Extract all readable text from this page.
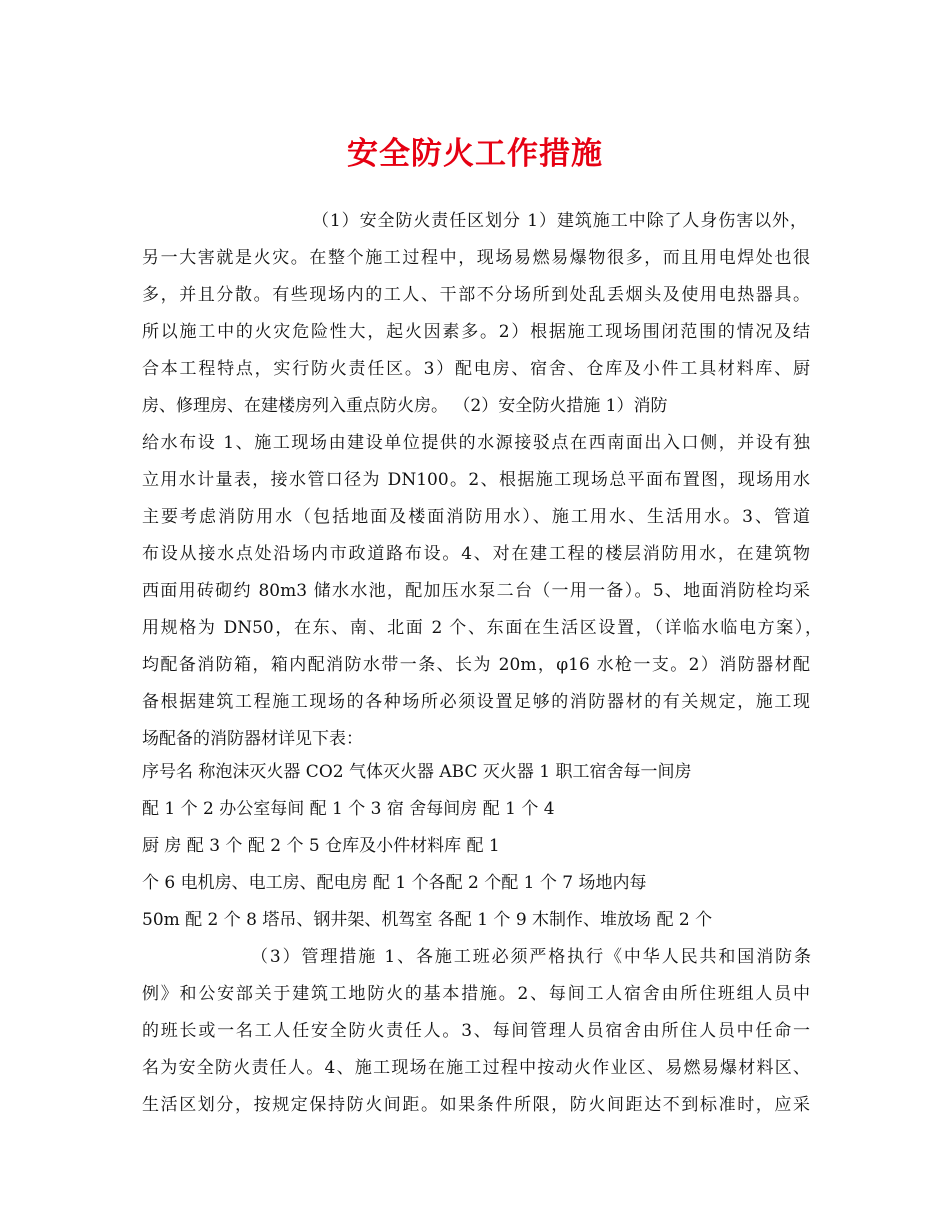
安全防火工作措施
（1）安全防火责任区划分 1）建筑施工中除了人身伤害以外，
另一大害就是火灾。在整个施工过程中，现场易燃易爆物很多，而且用电焊处也很
多，并且分散。有些现场内的工人、干部不分场所到处乱丢烟头及使用电热器具。
所以施工中的火灾危险性大，起火因素多。2）根据施工现场围闭范围的情况及结
合本工程特点，实行防火责任区。3）配电房、宿舍、仓库及小件工具材料库、厨
房、修理房、在建楼房列入重点防火房。 （2）安全防火措施 1）消防
给水布设 1、施工现场由建设单位提供的水源接驳点在西南面出入口侧，并设有独
立用水计量表，接水管口径为 DN100。2、根据施工现场总平面布置图，现场用水
主要考虑消防用水（包括地面及楼面消防用水）、施工用水、生活用水。3、管道
布设从接水点处沿场内市政道路布设。4、对在建工程的楼层消防用水，在建筑物
西面用砖砌约 80m3 储水水池，配加压水泵二台（一用一备）。5、地面消防栓均采
用规格为 DN50，在东、南、北面 2 个、东面在生活区设置，（详临水临电方案），
均配备消防箱，箱内配消防水带一条、长为 20m，φ16 水枪一支。2）消防器材配
备根据建筑工程施工现场的各种场所必须设置足够的消防器材的有关规定，施工现
场配备的消防器材详见下表：
序号名 称泡沫灭火器 CO2 气体灭火器 ABC 灭火器 1 职工宿舍每一间房
配 1 个 2 办公室每间 配 1 个 3 宿 舍每间房 配 1 个 4
厨 房 配 3 个 配 2 个 5 仓库及小件材料库 配 1
个 6 电机房、电工房、配电房 配 1 个各配 2 个配 1 个 7 场地内每
50m 配 2 个 8 塔吊、钢井架、机驾室 各配 1 个 9 木制作、堆放场 配 2 个
（3）管理措施 1、各施工班必须严格执行《中华人民共和国消防条
例》和公安部关于建筑工地防火的基本措施。2、每间工人宿舍由所住班组人员中
的班长或一名工人任安全防火责任人。3、每间管理人员宿舍由所住人员中任命一
名为安全防火责任人。4、施工现场在施工过程中按动火作业区、易燃易爆材料区、
生活区划分，按规定保持防火间距。如果条件所限，防火间距达不到标准时，应采
